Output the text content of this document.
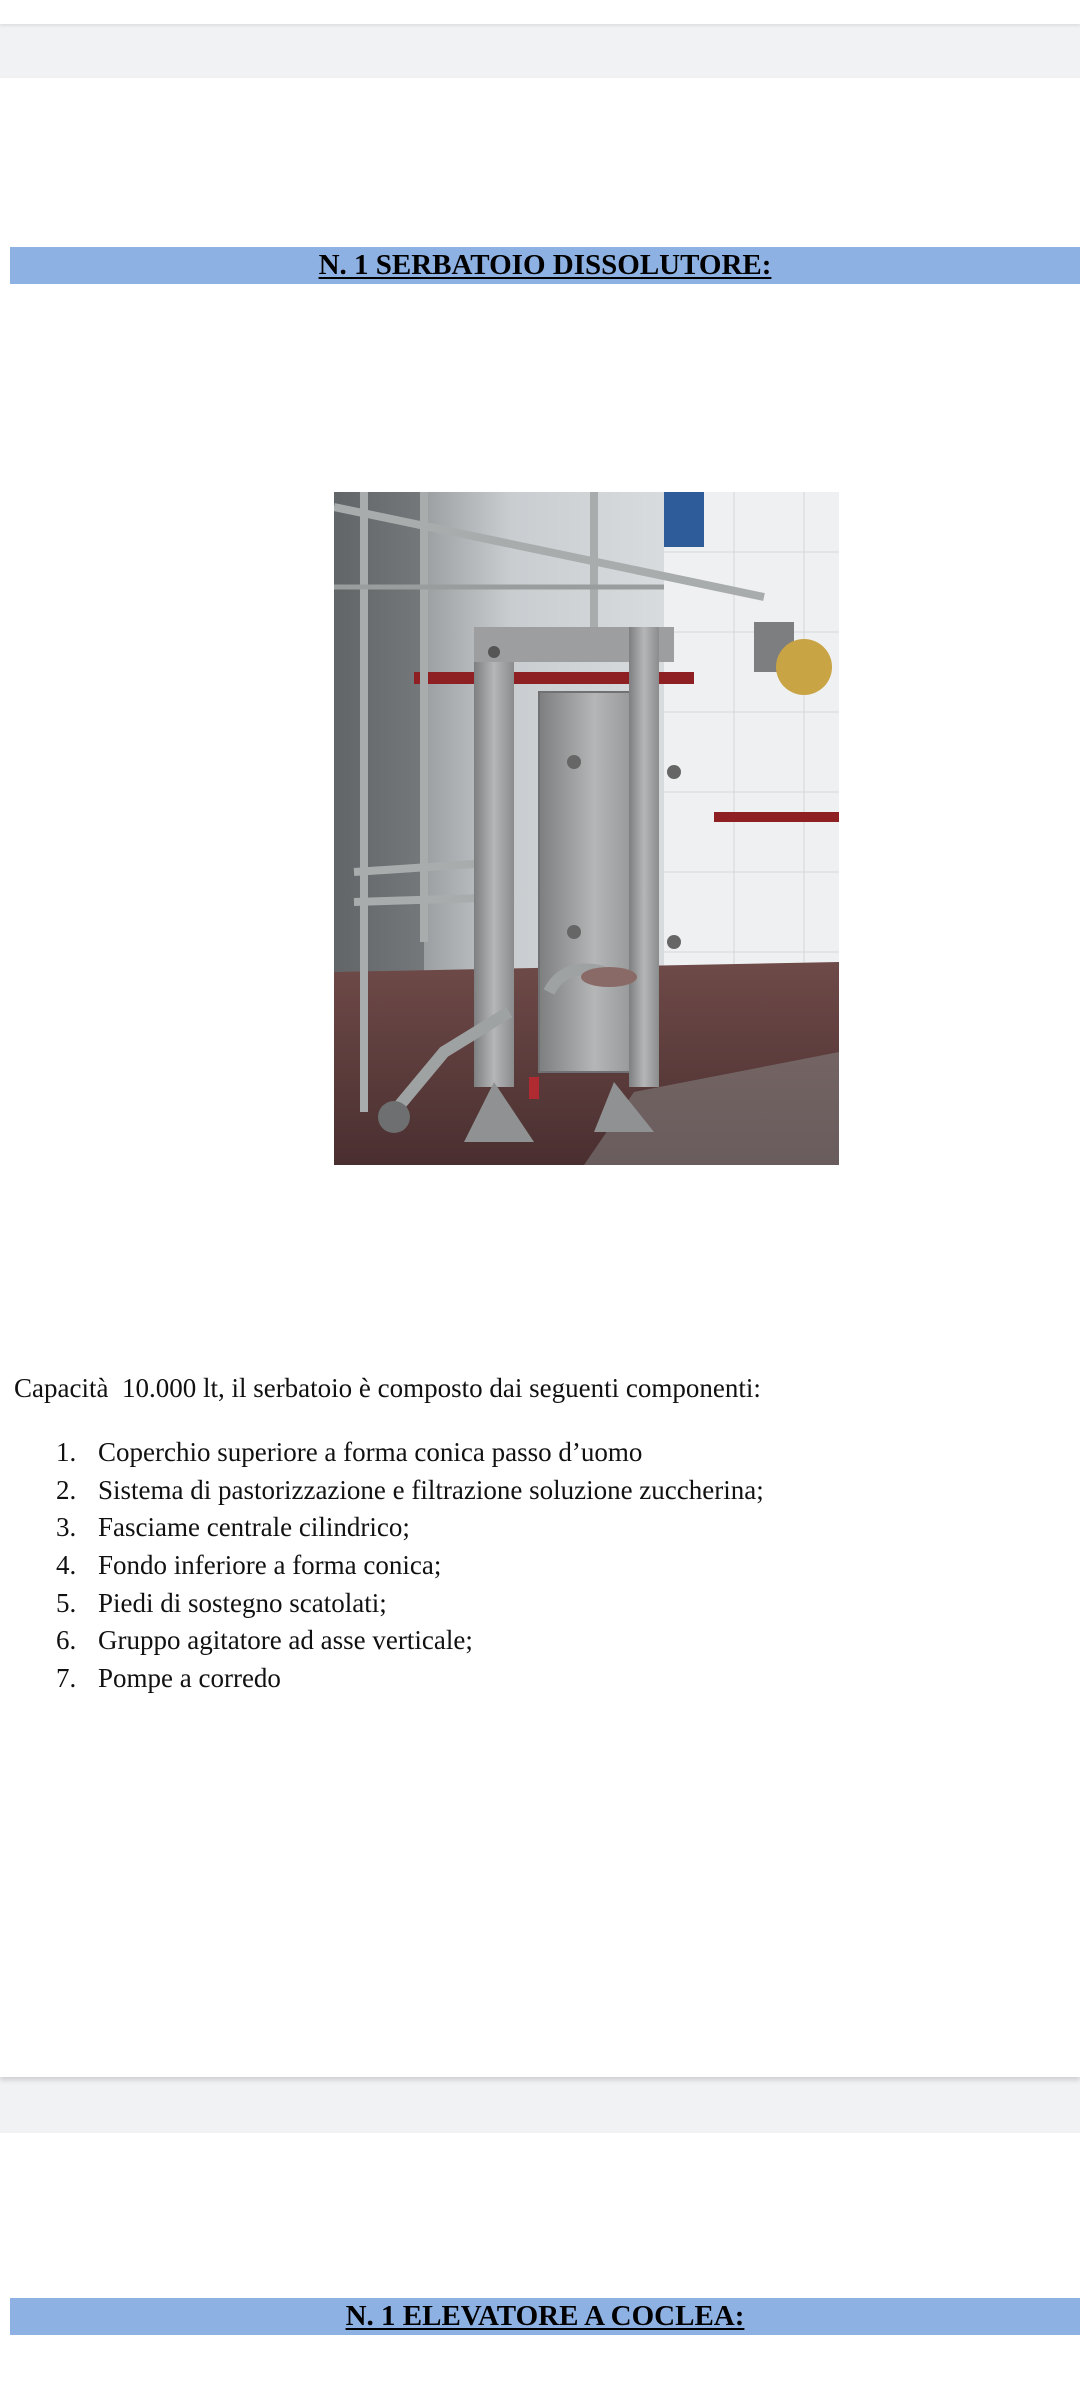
N. 1 SERBATOIO DISSOLUTORE:

Capacità  10.000 lt, il serbatoio è composto dai seguenti componenti:

1. Coperchio superiore a forma conica passo d’uomo
2. Sistema di pastorizzazione e filtrazione soluzione zuccherina;
3. Fasciame centrale cilindrico;
4. Fondo inferiore a forma conica;
5. Piedi di sostegno scatolati;
6. Gruppo agitatore ad asse verticale;
7. Pompe a corredo
N. 1 ELEVATORE A COCLEA:
